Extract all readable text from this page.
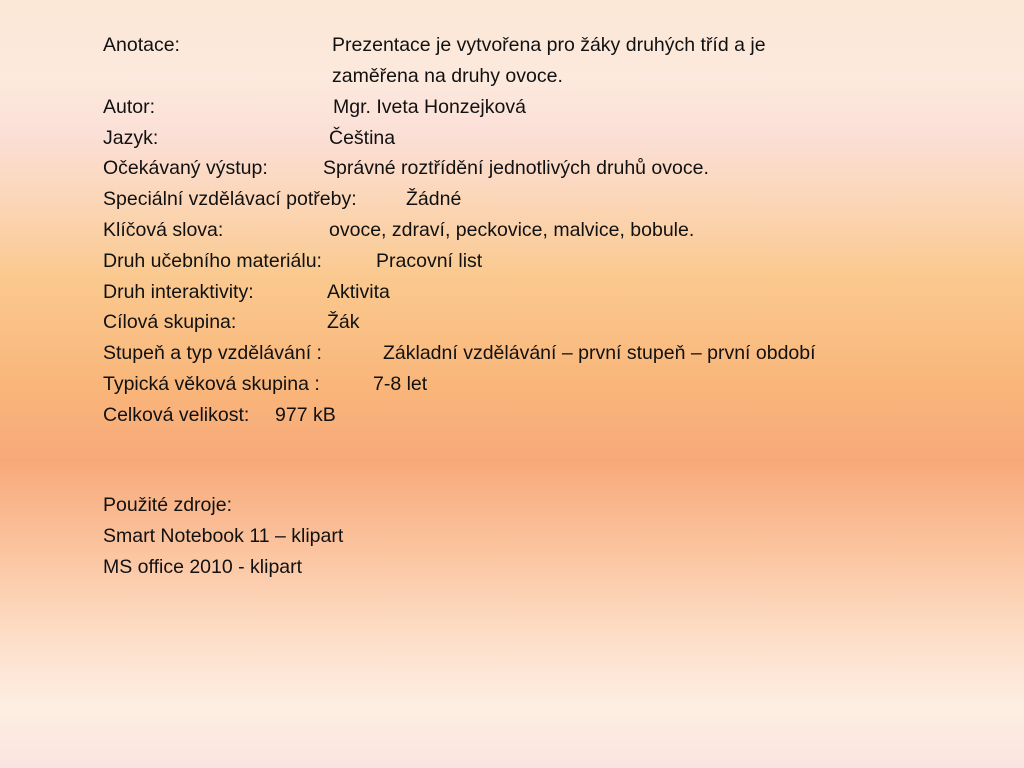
Anotace:	Prezentace je vytvořena pro žáky druhých tříd a je
zaměřena na druhy ovoce.
Autor:	Mgr. Iveta Honzejková
Jazyk:	Čeština
Očekávaný výstup:	Správné roztřídění jednotlivých druhů ovoce.
Speciální vzdělávací potřeby:	Žádné
Klíčová slova:	ovoce, zdraví, peckovice, malvice, bobule.
Druh učebního materiálu:	Pracovní list
Druh interaktivity:	Aktivita
Cílová skupina:	Žák
Stupeň a typ vzdělávání :	Základní vzdělávání – první stupeň – první období
Typická věková skupina :	7-8 let
Celková velikost: 977 kB
Použité zdroje:
Smart Notebook 11 – klipart
MS office 2010 - klipart
